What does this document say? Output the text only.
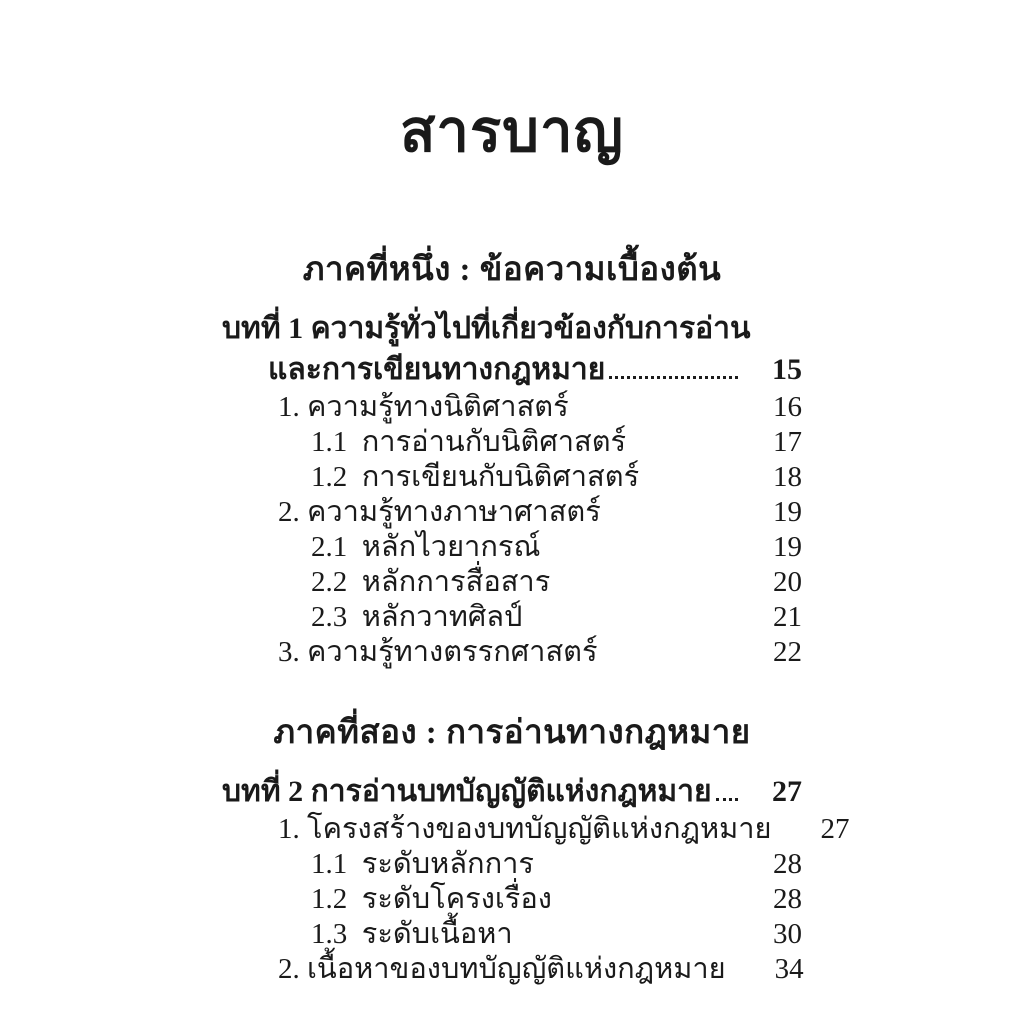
สารบาญ
ภาคที่หนึ่ง : ข้อความเบื้องต้น
บทที่ 1 ความรู้ทั่วไปที่เกี่ยวข้องกับการอ่าน
และการเขียนทางกฎหมาย	15
1. ความรู้ทางนิติศาสตร์	16
1.1  การอ่านกับนิติศาสตร์	17
1.2  การเขียนกับนิติศาสตร์	18
2. ความรู้ทางภาษาศาสตร์	19
2.1  หลักไวยากรณ์	19
2.2  หลักการสื่อสาร	20
2.3  หลักวาทศิลป์	21
3. ความรู้ทางตรรกศาสตร์	22
ภาคที่สอง : การอ่านทางกฎหมาย
บทที่ 2 การอ่านบทบัญญัติแห่งกฎหมาย	27
1. โครงสร้างของบทบัญญัติแห่งกฎหมาย	27
1.1  ระดับหลักการ	28
1.2  ระดับโครงเรื่อง	28
1.3  ระดับเนื้อหา	30
2. เนื้อหาของบทบัญญัติแห่งกฎหมาย	34
